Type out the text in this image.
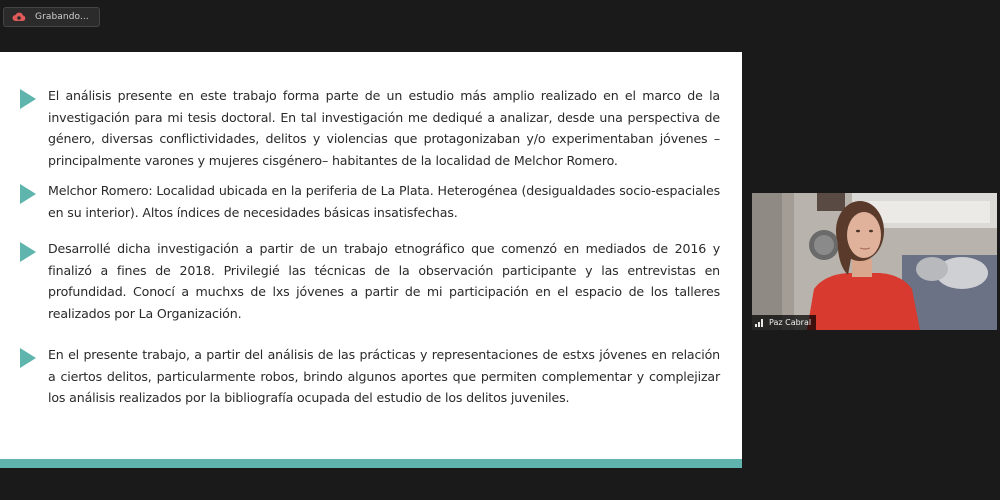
Grabando...
El análisis presente en este trabajo forma parte de un estudio más amplio realizado en el marco de la investigación para mi tesis doctoral. En tal investigación me dediqué a analizar, desde una perspectiva de género, diversas conflictividades, delitos y violencias que protagonizaban y/o experimentaban jóvenes – principalmente varones y mujeres cisgénero– habitantes de la localidad de Melchor Romero.
Melchor Romero: Localidad ubicada en la periferia de La Plata. Heterogénea (desigualdades socio-espaciales en su interior). Altos índices de necesidades básicas insatisfechas.
Desarrollé dicha investigación a partir de un trabajo etnográfico que comenzó en mediados de 2016 y finalizó a fines de 2018. Privilegié las técnicas de la observación participante y las entrevistas en profundidad. Conocí a muchxs de lxs jóvenes a partir de mi participación en el espacio de los talleres realizados por La Organización.
En el presente trabajo, a partir del análisis de las prácticas y representaciones de estxs jóvenes en relación a ciertos delitos, particularmente robos, brindo algunos aportes que permiten complementar y complejizar los análisis realizados por la bibliografía ocupada del estudio de los delitos juveniles.
Paz Cabral
